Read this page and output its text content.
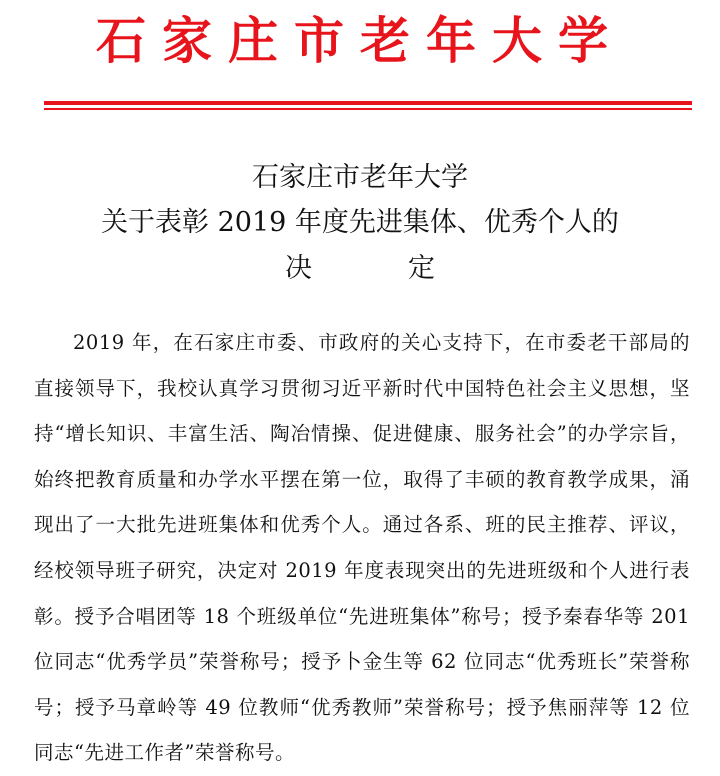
石家庄市老年大学
石家庄市老年大学
关于表彰 2019 年度先进集体、优秀个人的
决	定

2019 年，在石家庄市委、市政府的关心支持下，在市委老干部局的直接领导下，我校认真学习贯彻习近平新时代中国特色社会主义思想，坚持“增长知识、丰富生活、陶冶情操、促进健康、服务社会”的办学宗旨，始终把教育质量和办学水平摆在第一位，取得了丰硕的教育教学成果，涌现出了一大批先进班集体和优秀个人。通过各系、班的民主推荐、评议，经校领导班子研究，决定对 2019 年度表现突出的先进班级和个人进行表彰。授予合唱团等 18 个班级单位“先进班集体”称号；授予秦春华等 201 位同志“优秀学员”荣誉称号；授予卜金生等 62 位同志“优秀班长”荣誉称号；授予马章岭等 49 位教师“优秀教师”荣誉称号；授予焦丽萍等 12 位同志“先进工作者”荣誉称号。
